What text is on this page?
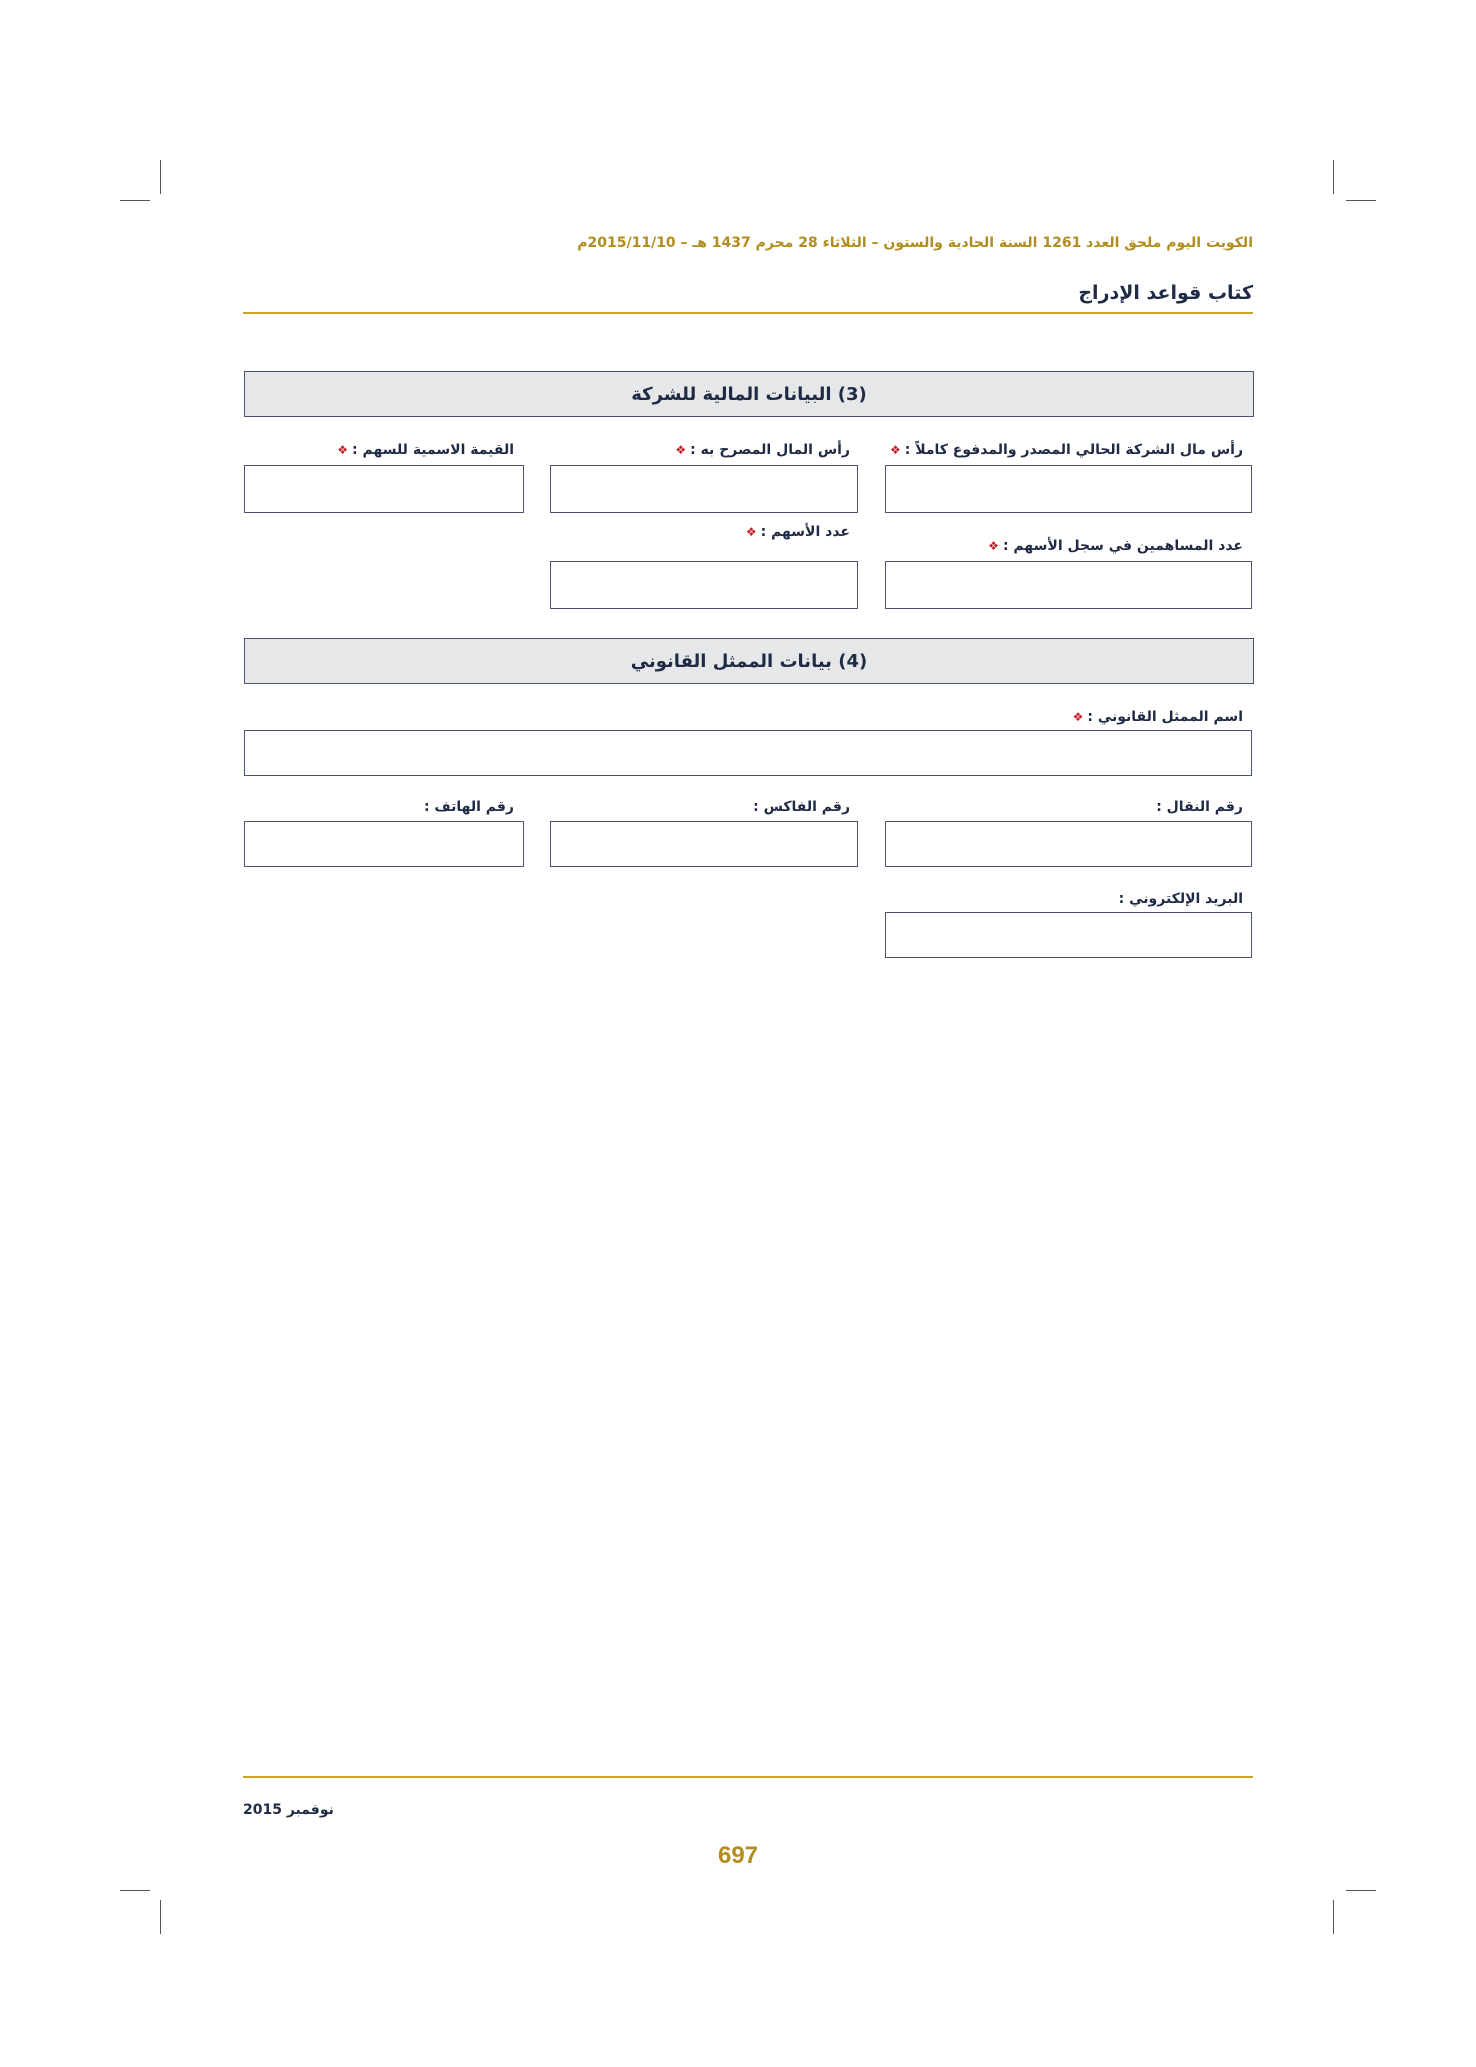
الكويت اليوم ملحق العدد 1261 السنة الحادية والستون – الثلاثاء 28 محرم 1437 هـ – 2015/11/10م
كتاب قواعد الإدراج
(3) البيانات المالية للشركة
رأس مال الشركة الحالي المصدر والمدفوع كاملاً :❖
رأس المال المصرح به :❖
القيمة الاسمية للسهم :❖
عدد المساهمين في سجل الأسهم :❖
عدد الأسهم :❖
(4) بيانات الممثل القانوني
اسم الممثل القانوني :❖
رقم النقال :
رقم الفاكس :
رقم الهاتف :
البريد الإلكتروني :
نوفمبر 2015
697
